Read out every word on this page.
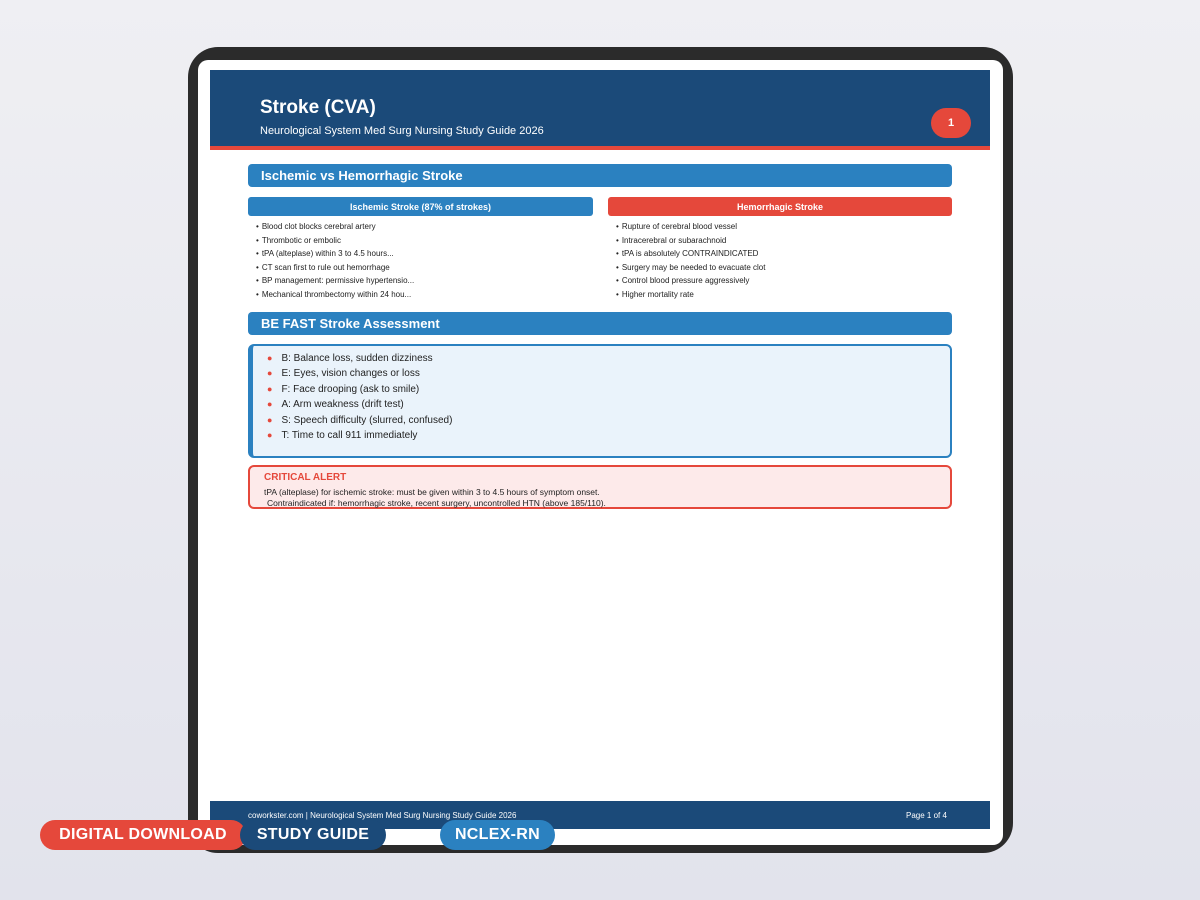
Stroke (CVA)
Neurological System Med Surg Nursing Study Guide 2026
1
Ischemic vs Hemorrhagic Stroke
Ischemic Stroke (87% of strokes)
• Blood clot blocks cerebral artery
• Thrombotic or embolic
• tPA (alteplase) within 3 to 4.5 hours...
• CT scan first to rule out hemorrhage
• BP management: permissive hypertensio...
• Mechanical thrombectomy within 24 hou...
Hemorrhagic Stroke
• Rupture of cerebral blood vessel
• Intracerebral or subarachnoid
• tPA is absolutely CONTRAINDICATED
• Surgery may be needed to evacuate clot
• Control blood pressure aggressively
• Higher mortality rate
BE FAST Stroke Assessment
● B: Balance loss, sudden dizziness
● E: Eyes, vision changes or loss
● F: Face drooping (ask to smile)
● A: Arm weakness (drift test)
● S: Speech difficulty (slurred, confused)
● T: Time to call 911 immediately
CRITICAL ALERT
tPA (alteplase) for ischemic stroke: must be given within 3 to 4.5 hours of symptom onset.
Contraindicated if: hemorrhagic stroke, recent surgery, uncontrolled HTN (above 185/110).
coworkster.com | Neurological System Med Surg Nursing Study Guide 2026	Page 1 of 4
DIGITAL DOWNLOAD	STUDY GUIDE	NCLEX-RN
